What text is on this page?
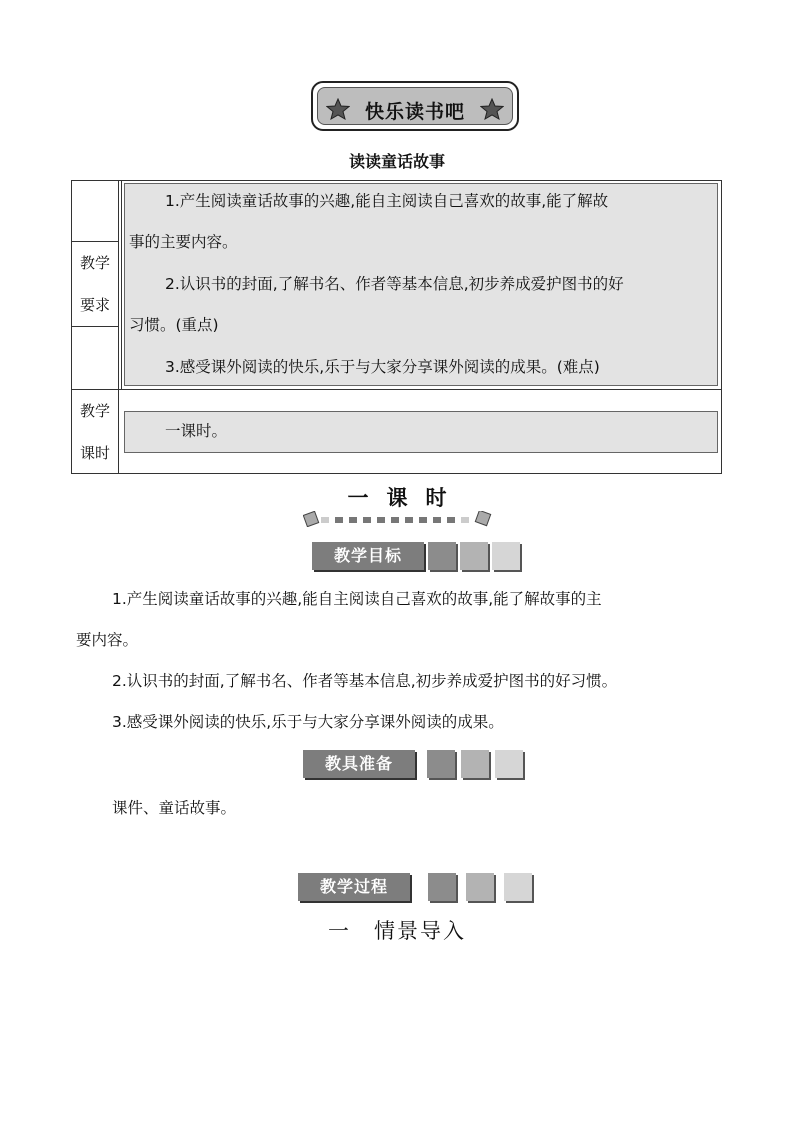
快乐读书吧
读读童话故事
教学
要求
1.产生阅读童话故事的兴趣,能自主阅读自己喜欢的故事,能了解故
事的主要内容。
2.认识书的封面,了解书名、作者等基本信息,初步养成爱护图书的好
习惯。(重点)
3.感受课外阅读的快乐,乐于与大家分享课外阅读的成果。(难点)
教学
课时
一课时。
一课时
教学目标
1.产生阅读童话故事的兴趣,能自主阅读自己喜欢的故事,能了解故事的主
要内容。
2.认识书的封面,了解书名、作者等基本信息,初步养成爱护图书的好习惯。
3.感受课外阅读的快乐,乐于与大家分享课外阅读的成果。
教具准备
课件、童话故事。
教学过程
一　情景导入
